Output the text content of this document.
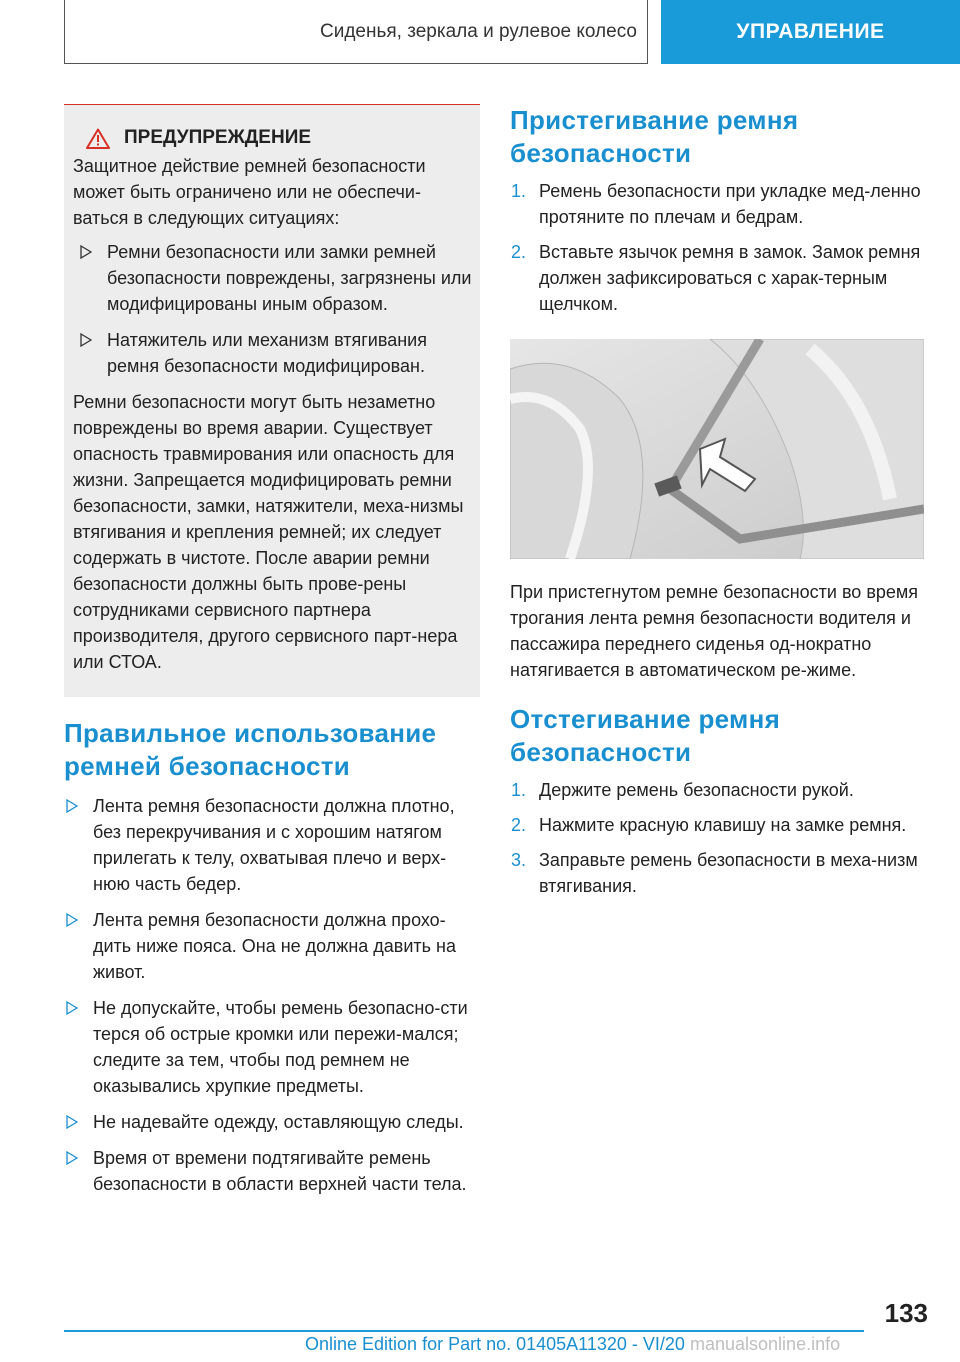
Сиденья, зеркала и рулевое колесо	УПРАВЛЕНИЕ
ПРЕДУПРЕЖДЕНИЕ

Защитное действие ремней безопасности может быть ограничено или не обеспечи-ваться в следующих ситуациях:

Ремни безопасности или замки ремней безопасности повреждены, загрязнены или модифицированы иным образом.
Натяжитель или механизм втягивания ремня безопасности модифицирован.

Ремни безопасности могут быть незаметно повреждены во время аварии. Существует опасность травмирования или опасность для жизни. Запрещается модифицировать ремни безопасности, замки, натяжители, меха-низмы втягивания и крепления ремней; их следует содержать в чистоте. После аварии ремни безопасности должны быть прове-рены сотрудниками сервисного партнера производителя, другого сервисного парт-нера или СТОА.

Правильное использование ремней безопасности
Лента ремня безопасности должна плотно, без перекручивания и с хорошим натягом прилегать к телу, охватывая плечо и верх-нюю часть бедер.
Лента ремня безопасности должна прохо-дить ниже пояса. Она не должна давить на живот.
Не допускайте, чтобы ремень безопасно-сти терся об острые кромки или пережи-мался; следите за тем, чтобы под ремнем не оказывались хрупкие предметы.
Не надевайте одежду, оставляющую следы.
Время от времени подтягивайте ремень безопасности в области верхней части тела.
Пристегивание ремня безопасности
1. Ремень безопасности при укладке мед-ленно протяните по плечам и бедрам.
2. Вставьте язычок ремня в замок. Замок ремня должен зафиксироваться с харак-терным щелчком.

При пристегнутом ремне безопасности во время трогания лента ремня безопасности водителя и пассажира переднего сиденья од-нократно натягивается в автоматическом ре-жиме.

Отстегивание ремня безопасности
1. Держите ремень безопасности рукой.
2. Нажмите красную клавишу на замке ремня.
3. Заправьте ремень безопасности в меха-низм втягивания.
133
Online Edition for Part no. 01405A11320 - VI/20 manualsonline.info
